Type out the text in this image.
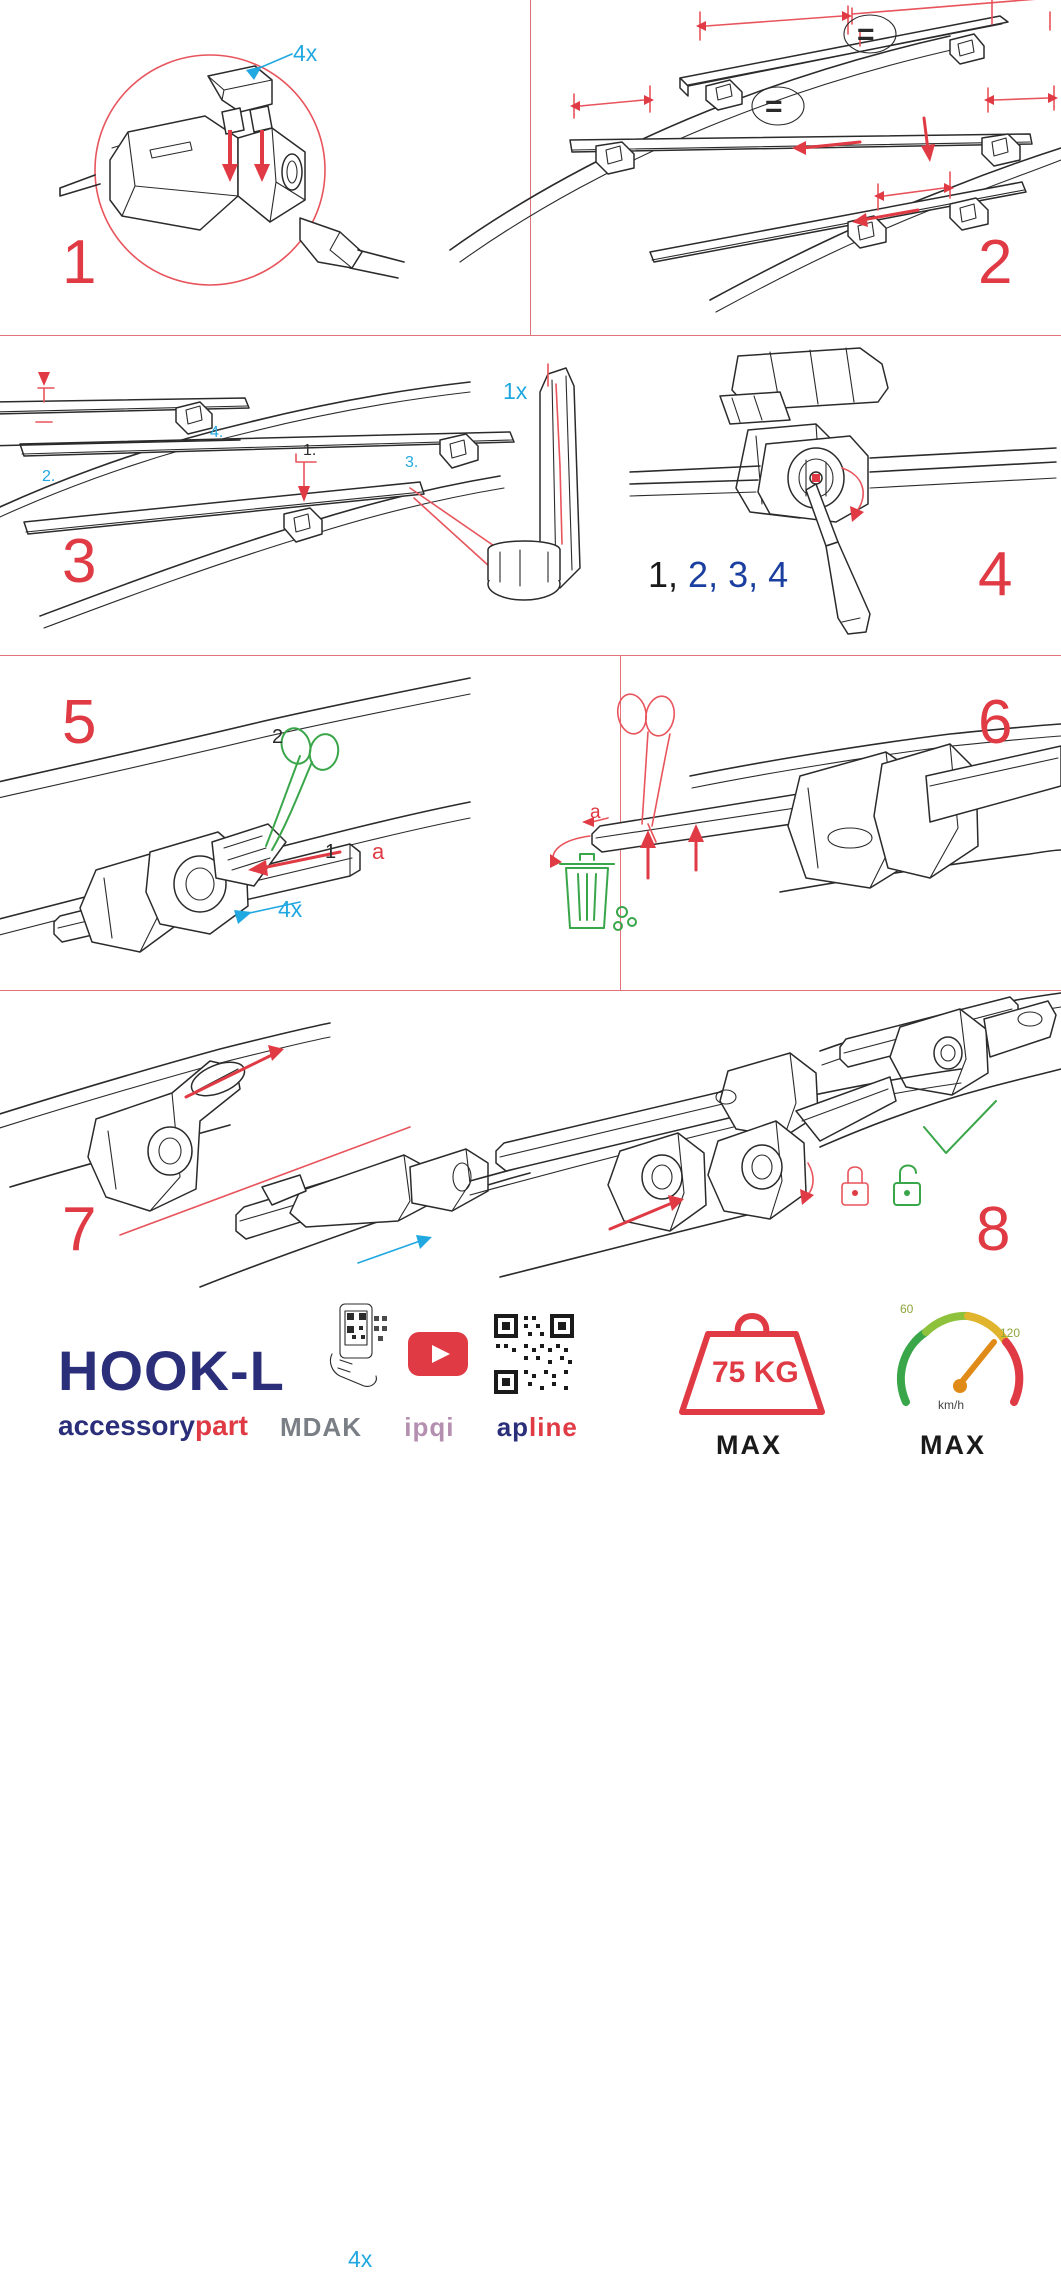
4x
1
=
=
2
1x
1.
2.
3.
4.
3	1, 2, 3, 4	4
5	2
1 a
4x
6
a
7
4x
8
HOOK-L
accessorypart MDAK ipqi apline
75 KG
MAX
60
120
km/h
MAX
